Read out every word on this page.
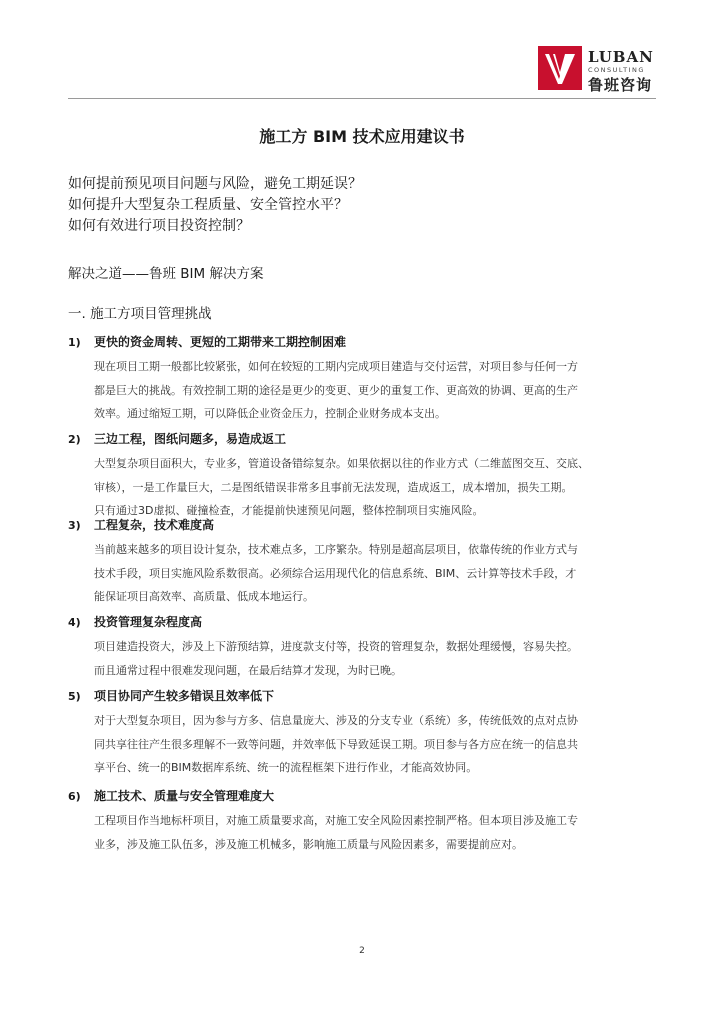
LUBAN
CONSULTING
鲁班咨询
施工方 BIM 技术应用建议书
如何提前预见项目问题与风险，避免工期延误？
如何提升大型复杂工程质量、安全管控水平？
如何有效进行项目投资控制？
解决之道——鲁班 BIM 解决方案
一. 施工方项目管理挑战
1)	更快的资金周转、更短的工期带来工期控制困难
现在项目工期一般都比较紧张，如何在较短的工期内完成项目建造与交付运营，对项目参与任何一方
都是巨大的挑战。有效控制工期的途径是更少的变更、更少的重复工作、更高效的协调、更高的生产
效率。通过缩短工期，可以降低企业资金压力，控制企业财务成本支出。
2)	三边工程，图纸问题多，易造成返工
大型复杂项目面积大，专业多，管道设备错综复杂。如果依据以往的作业方式（二维蓝图交互、交底、
审核），一是工作量巨大，二是图纸错误非常多且事前无法发现，造成返工，成本增加，损失工期。
只有通过3D虚拟、碰撞检查，才能提前快速预见问题，整体控制项目实施风险。
3)	工程复杂，技术难度高
当前越来越多的项目设计复杂，技术难点多，工序繁杂。特别是超高层项目，依靠传统的作业方式与
技术手段，项目实施风险系数很高。必须综合运用现代化的信息系统、BIM、云计算等技术手段，才
能保证项目高效率、高质量、低成本地运行。
4)	投资管理复杂程度高
项目建造投资大，涉及上下游预结算，进度款支付等，投资的管理复杂，数据处理缓慢，容易失控。
而且通常过程中很难发现问题，在最后结算才发现，为时已晚。
5)	项目协同产生较多错误且效率低下
对于大型复杂项目，因为参与方多、信息量庞大、涉及的分支专业（系统）多，传统低效的点对点协
同共享往往产生很多理解不一致等问题，并效率低下导致延误工期。项目参与各方应在统一的信息共
享平台、统一的BIM数据库系统、统一的流程框架下进行作业，才能高效协同。
6)	施工技术、质量与安全管理难度大
工程项目作当地标杆项目，对施工质量要求高，对施工安全风险因素控制严格。但本项目涉及施工专
业多，涉及施工队伍多，涉及施工机械多，影响施工质量与风险因素多，需要提前应对。
2
